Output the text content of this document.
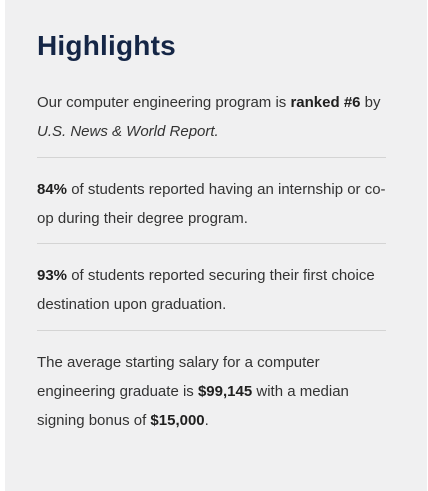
Highlights

Our computer engineering program is ranked #6 by
U.S. News & World Report.

84% of students reported having an internship or co-op during their degree program.

93% of students reported securing their first choice destination upon graduation.

The average starting salary for a computer engineering graduate is $99,145 with a median signing bonus of $15,000.
